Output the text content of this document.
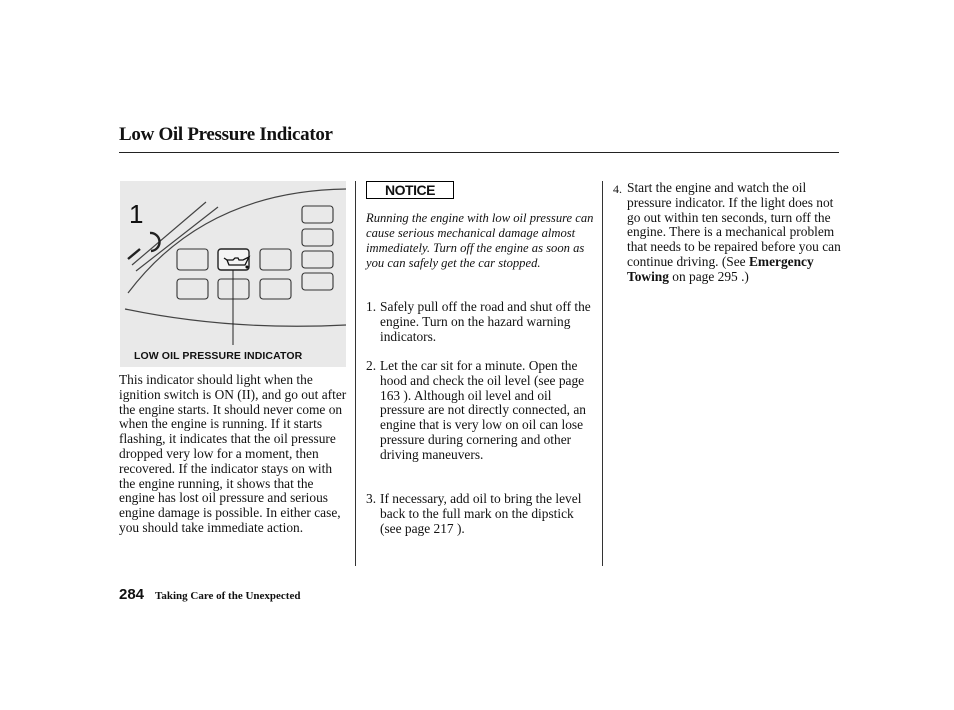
Low Oil Pressure Indicator
1
LOW OIL PRESSURE INDICATOR
This indicator should light when the ignition switch is ON (II), and go out after the engine starts. It should never come on when the engine is running. If it starts flashing, it indicates that the oil pressure dropped very low for a moment, then recovered. If the indicator stays on with the engine running, it shows that the engine has lost oil pressure and serious engine damage is possible. In either case, you should take immediate action.
NOTICE
Running the engine with low oil pressure can cause serious mechanical damage almost immediately. Turn off the engine as soon as you can safely get the car stopped.
1. Safely pull off the road and shut off the engine. Turn on the hazard warning indicators.
2. Let the car sit for a minute. Open the hood and check the oil level (see page 163 ). Although oil level and oil pressure are not directly connected, an engine that is very low on oil can lose pressure during cornering and other driving maneuvers.
3. If necessary, add oil to bring the level back to the full mark on the dipstick (see page 217 ).
4. Start the engine and watch the oil pressure indicator. If the light does not go out within ten seconds, turn off the engine. There is a mechanical problem that needs to be repaired before you can continue driving. (See Emergency Towing on page 295 .)
284 Taking Care of the Unexpected
